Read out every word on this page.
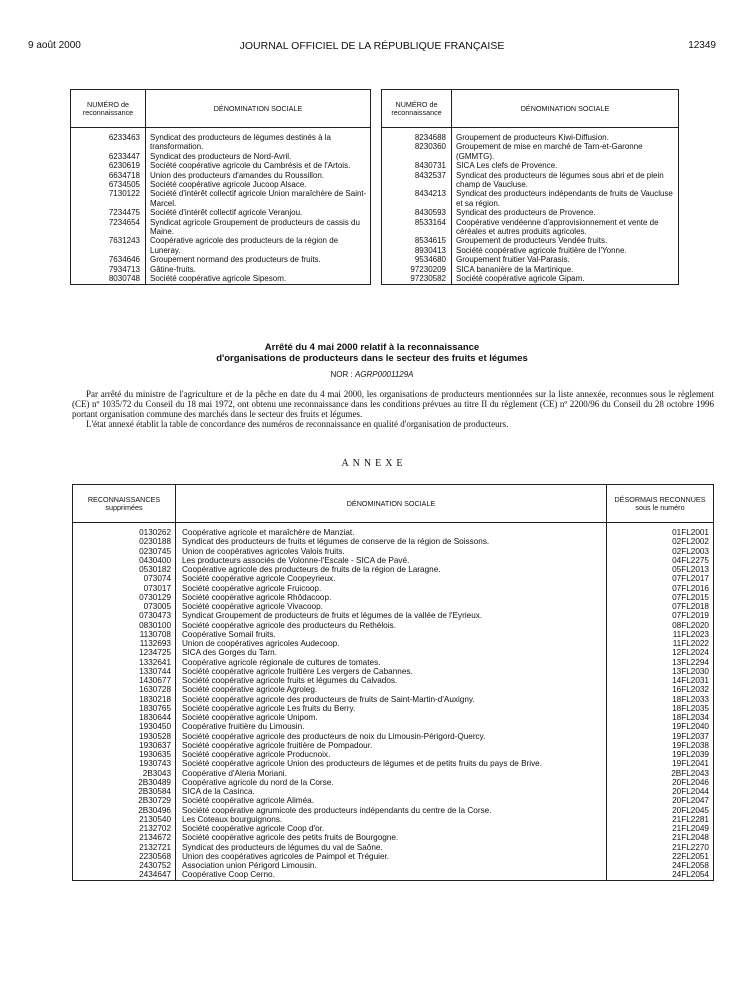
9 août 2000	JOURNAL OFFICIEL DE LA RÉPUBLIQUE FRANÇAISE	12349
NUMÉRO de reconnaissance	DÉNOMINATION SOCIALE

6233463	Syndicat des producteurs de légumes destinés à la transformation.
6233447	Syndicat des producteurs de Nord-Avril.
6230619	Société coopérative agricole du Cambrésis et de l'Artois.
6634718	Union des producteurs d'amandes du Roussillon.
6734505	Société coopérative agricole Jucoop Alsace.
7130122	Société d'intérêt collectif agricole Union maraîchère de Saint-Marcel.
7234475	Société d'intérêt collectif agricole Veranjou.
7234654	Syndicat agricole Groupement de producteurs de cassis du Maine.
7631243	Coopérative agricole des producteurs de la région de Luneray.
7634646	Groupement normand des producteurs de fruits.
7934713	Gâtine-fruits.
8030748	Société coopérative agricole Sipesom.
NUMÉRO de reconnaissance	DÉNOMINATION SOCIALE

8234688	Groupement de producteurs Kiwi-Diffusion.
8230360	Groupement de mise en marché de Tarn-et-Garonne (GMMTG).
8430731	SICA Les clefs de Provence.
8432537	Syndicat des producteurs de légumes sous abri et de plein champ de Vaucluse.
8434213	Syndicat des producteurs indépendants de fruits de Vaucluse et sa région.
8430593	Syndicat des producteurs de Provence.
8533164	Coopérative vendéenne d'approvisionnement et vente de céréales et autres produits agricoles.
8534615	Groupement de producteurs Vendée fruits.
8930413	Société coopérative agricole fruitière de l'Yonne.
9534680	Groupement fruitier Val-Parasis.
97230209	SICA bananière de la Martinique.
97230582	Société coopérative agricole Gipam.
Arrêté du 4 mai 2000 relatif à la reconnaissance
d'organisations de producteurs dans le secteur des fruits et légumes
NOR : AGRP0001129A

Par arrêté du ministre de l'agriculture et de la pêche en date du 4 mai 2000, les organisations de producteurs mentionnées sur la liste annexée, reconnues sous le règlement (CE) nº 1035/72 du Conseil du 18 mai 1972, ont obtenu une reconnaissance dans les conditions prévues au titre II du règlement (CE) nº 2200/96 du Conseil du 28 octobre 1996 portant organisation commune des marchés dans le secteur des fruits et légumes.

L'état annexé établit la table de concordance des numéros de reconnaissance en qualité d'organisation de producteurs.

ANNEXE
RECONNAISSANCES supprimées	DÉNOMINATION SOCIALE	DÉSORMAIS RECONNUES sous le numéro

0130262	Coopérative agricole et maraîchère de Manziat.	01FL2001
0230188	Syndicat des producteurs de fruits et légumes de conserve de la région de Soissons.	02FL2002
0230745	Union de coopératives agricoles Valois fruits.	02FL2003
0430400	Les producteurs associés de Volonne-l'Escale - SICA de Pavé.	04FL2275
0530182	Coopérative agricole des producteurs de fruits de la région de Laragne.	05FL2013
073074	Société coopérative agricole Coopeyrieux.	07FL2017
073017	Société coopérative agricole Fruicoop.	07FL2016
0730129	Société coopérative agricole Rhôdacoop.	07FL2015
073005	Société coopérative agricole Vivacoop.	07FL2018
0730473	Syndicat Groupement de producteurs de fruits et légumes de la vallée de l'Eyrieux.	07FL2019
0830100	Société coopérative agricole des producteurs du Rethélois.	08FL2020
1130708	Coopérative Somail fruits.	11FL2023
1132693	Union de coopératives agricoles Audecoop.	11FL2022
1234725	SICA des Gorges du Tarn.	12FL2024
1332641	Coopérative agricole régionale de cultures de tomates.	13FL2294
1330744	Société coopérative agricole fruitière Les vergers de Cabannes.	13FL2030
1430677	Société coopérative agricole fruits et légumes du Calvados.	14FL2031
1630728	Société coopérative agricole Agroleg.	16FL2032
1830218	Société coopérative agricole des producteurs de fruits de Saint-Martin-d'Auxigny.	18FL2033
1830765	Société coopérative agricole Les fruits du Berry.	18FL2035
1830644	Société coopérative agricole Unipom.	18FL2034
1930450	Coopérative fruitière du Limousin.	19FL2040
1930528	Société coopérative agricole des producteurs de noix du Limousin-Périgord-Quercy.	19FL2037
1930637	Société coopérative agricole fruitière de Pompadour.	19FL2038
1930635	Société coopérative agricole Producnoix.	19FL2039
1930743	Société coopérative agricole Union des producteurs de légumes et de petits fruits du pays de Brive.	19FL2041
2B3043	Coopérative d'Aleria Moriani.	2BFL2043
2B30489	Coopérative agricole du nord de la Corse.	20FL2046
2B30584	SICA de la Casinca.	20FL2044
2B30729	Société coopérative agricole Aliméa.	20FL2047
2B30496	Société coopérative agrumicole des producteurs indépendants du centre de la Corse.	20FL2045
2130540	Les Coteaux bourguignons.	21FL2281
2132702	Société coopérative agricole Coop d'or.	21FL2049
2134672	Société coopérative agricole des petits fruits de Bourgogne.	21FL2048
2132721	Syndicat des producteurs de légumes du val de Saône.	21FL2270
2230568	Union des coopératives agricoles de Paimpol et Tréguier.	22FL2051
2430752	Association union Périgord Limousin.	24FL2058
2434647	Coopérative Coop Cerno.	24FL2054
